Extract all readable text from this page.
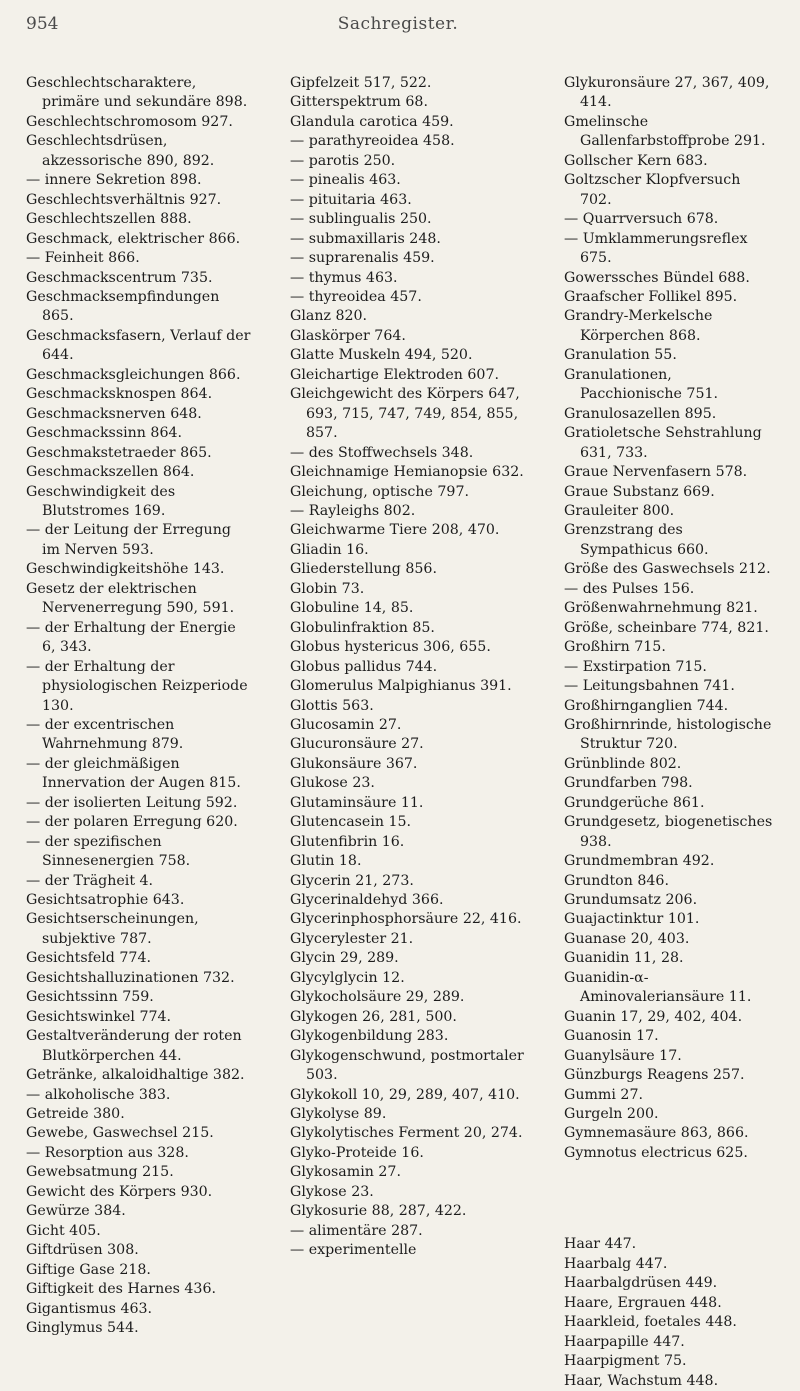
954	Sachregister.

Geschlechtscharaktere, primäre und sekundäre 898.

Geschlechtschromosom 927.

Geschlechtsdrüsen, akzessorische 890, 892.

— innere Sekretion 898.

Geschlechtsverhältnis 927.

Geschlechtszellen 888.

Geschmack, elektrischer 866.

— Feinheit 866.

Geschmackscentrum 735.

Geschmacksempfindungen 865.

Geschmacksfasern, Verlauf der 644.

Geschmacksgleichungen 866.

Geschmacksknospen 864.

Geschmacksnerven 648.

Geschmackssinn 864.

Geschmakstetraeder 865.

Geschmackszellen 864.

Geschwindigkeit des Blutstromes 169.

— der Leitung der Erregung im Nerven 593.

Geschwindigkeitshöhe 143.

Gesetz der elektrischen Nervenerregung 590, 591.

— der Erhaltung der Energie 6, 343.

— der Erhaltung der physiologischen Reizperiode 130.

— der excentrischen Wahrnehmung 879.

— der gleichmäßigen Innervation der Augen 815.

— der isolierten Leitung 592.

— der polaren Erregung 620.

— der spezifischen Sinnesenergien 758.

— der Trägheit 4.

Gesichtsatrophie 643.

Gesichtserscheinungen, subjektive 787.

Gesichtsfeld 774.

Gesichtshalluzinationen 732.

Gesichtssinn 759.

Gesichtswinkel 774.

Gestaltveränderung der roten Blutkörperchen 44.

Getränke, alkaloidhaltige 382.

— alkoholische 383.

Getreide 380.

Gewebe, Gaswechsel 215.

— Resorption aus 328.

Gewebsatmung 215.

Gewicht des Körpers 930.

Gewürze 384.

Gicht 405.

Giftdrüsen 308.

Giftige Gase 218.

Giftigkeit des Harnes 436.

Gigantismus 463.

Ginglymus 544.

Gipfelzeit 517, 522.

Gitterspektrum 68.

Glandula carotica 459.

— parathyreoidea 458.

— parotis 250.

— pinealis 463.

— pituitaria 463.

— sublingualis 250.

— submaxillaris 248.

— suprarenalis 459.

— thymus 463.

— thyreoidea 457.

Glanz 820.

Glaskörper 764.

Glatte Muskeln 494, 520.

Gleichartige Elektroden 607.

Gleichgewicht des Körpers 647, 693, 715, 747, 749, 854, 855, 857.

— des Stoffwechsels 348.

Gleichnamige Hemianopsie 632.

Gleichung, optische 797.

— Rayleighs 802.

Gleichwarme Tiere 208, 470.

Gliadin 16.

Gliederstellung 856.

Globin 73.

Globuline 14, 85.

Globulinfraktion 85.

Globus hystericus 306, 655.

Globus pallidus 744.

Glomerulus Malpighianus 391.

Glottis 563.

Glucosamin 27.

Glucuronsäure 27.

Glukonsäure 367.

Glukose 23.

Glutaminsäure 11.

Glutencasein 15.

Glutenfibrin 16.

Glutin 18.

Glycerin 21, 273.

Glycerinaldehyd 366.

Glycerinphosphorsäure 22, 416.

Glycerylester 21.

Glycin 29, 289.

Glycylglycin 12.

Glykocholsäure 29, 289.

Glykogen 26, 281, 500.

Glykogenbildung 283.

Glykogenschwund, postmortaler 503.

Glykokoll 10, 29, 289, 407, 410.

Glykolyse 89.

Glykolytisches Ferment 20, 274.

Glyko-Proteide 16.

Glykosamin 27.

Glykose 23.

Glykosurie 88, 287, 422.

— alimentäre 287.

— experimentelle

Glykuronsäure 27, 367, 409, 414.

Gmelinsche Gallenfarbstoffprobe 291.

Gollscher Kern 683.

Goltzscher Klopfversuch 702.

— Quarrversuch 678.

— Umklammerungsreflex 675.

Gowerssches Bündel 688.

Graafscher Follikel 895.

Grandry-Merkelsche Körperchen 868.

Granulation 55.

Granulationen, Pacchionische 751.

Granulosazellen 895.

Gratioletsche Sehstrahlung 631, 733.

Graue Nervenfasern 578.

Graue Substanz 669.

Grauleiter 800.

Grenzstrang des Sympathicus 660.

Größe des Gaswechsels 212.

— des Pulses 156.

Größenwahrnehmung 821.

Größe, scheinbare 774, 821.

Großhirn 715.

— Exstirpation 715.

— Leitungsbahnen 741.

Großhirnganglien 744.

Großhirnrinde, histologische Struktur 720.

Grünblinde 802.

Grundfarben 798.

Grundgerüche 861.

Grundgesetz, biogenetisches 938.

Grundmembran 492.

Grundton 846.

Grundumsatz 206.

Guajactinktur 101.

Guanase 20, 403.

Guanidin 11, 28.

Guanidin-α-Aminovaleriansäure 11.

Guanin 17, 29, 402, 404.

Guanosin 17.

Guanylsäure 17.

Günzburgs Reagens 257.

Gummi 27.

Gurgeln 200.

Gymnemasäure 863, 866.

Gymnotus electricus 625.

Haar 447.

Haarbalg 447.

Haarbalgdrüsen 449.

Haare, Ergrauen 448.

Haarkleid, foetales 448.

Haarpapille 447.

Haarpigment 75.

Haar, Wachstum 448.
